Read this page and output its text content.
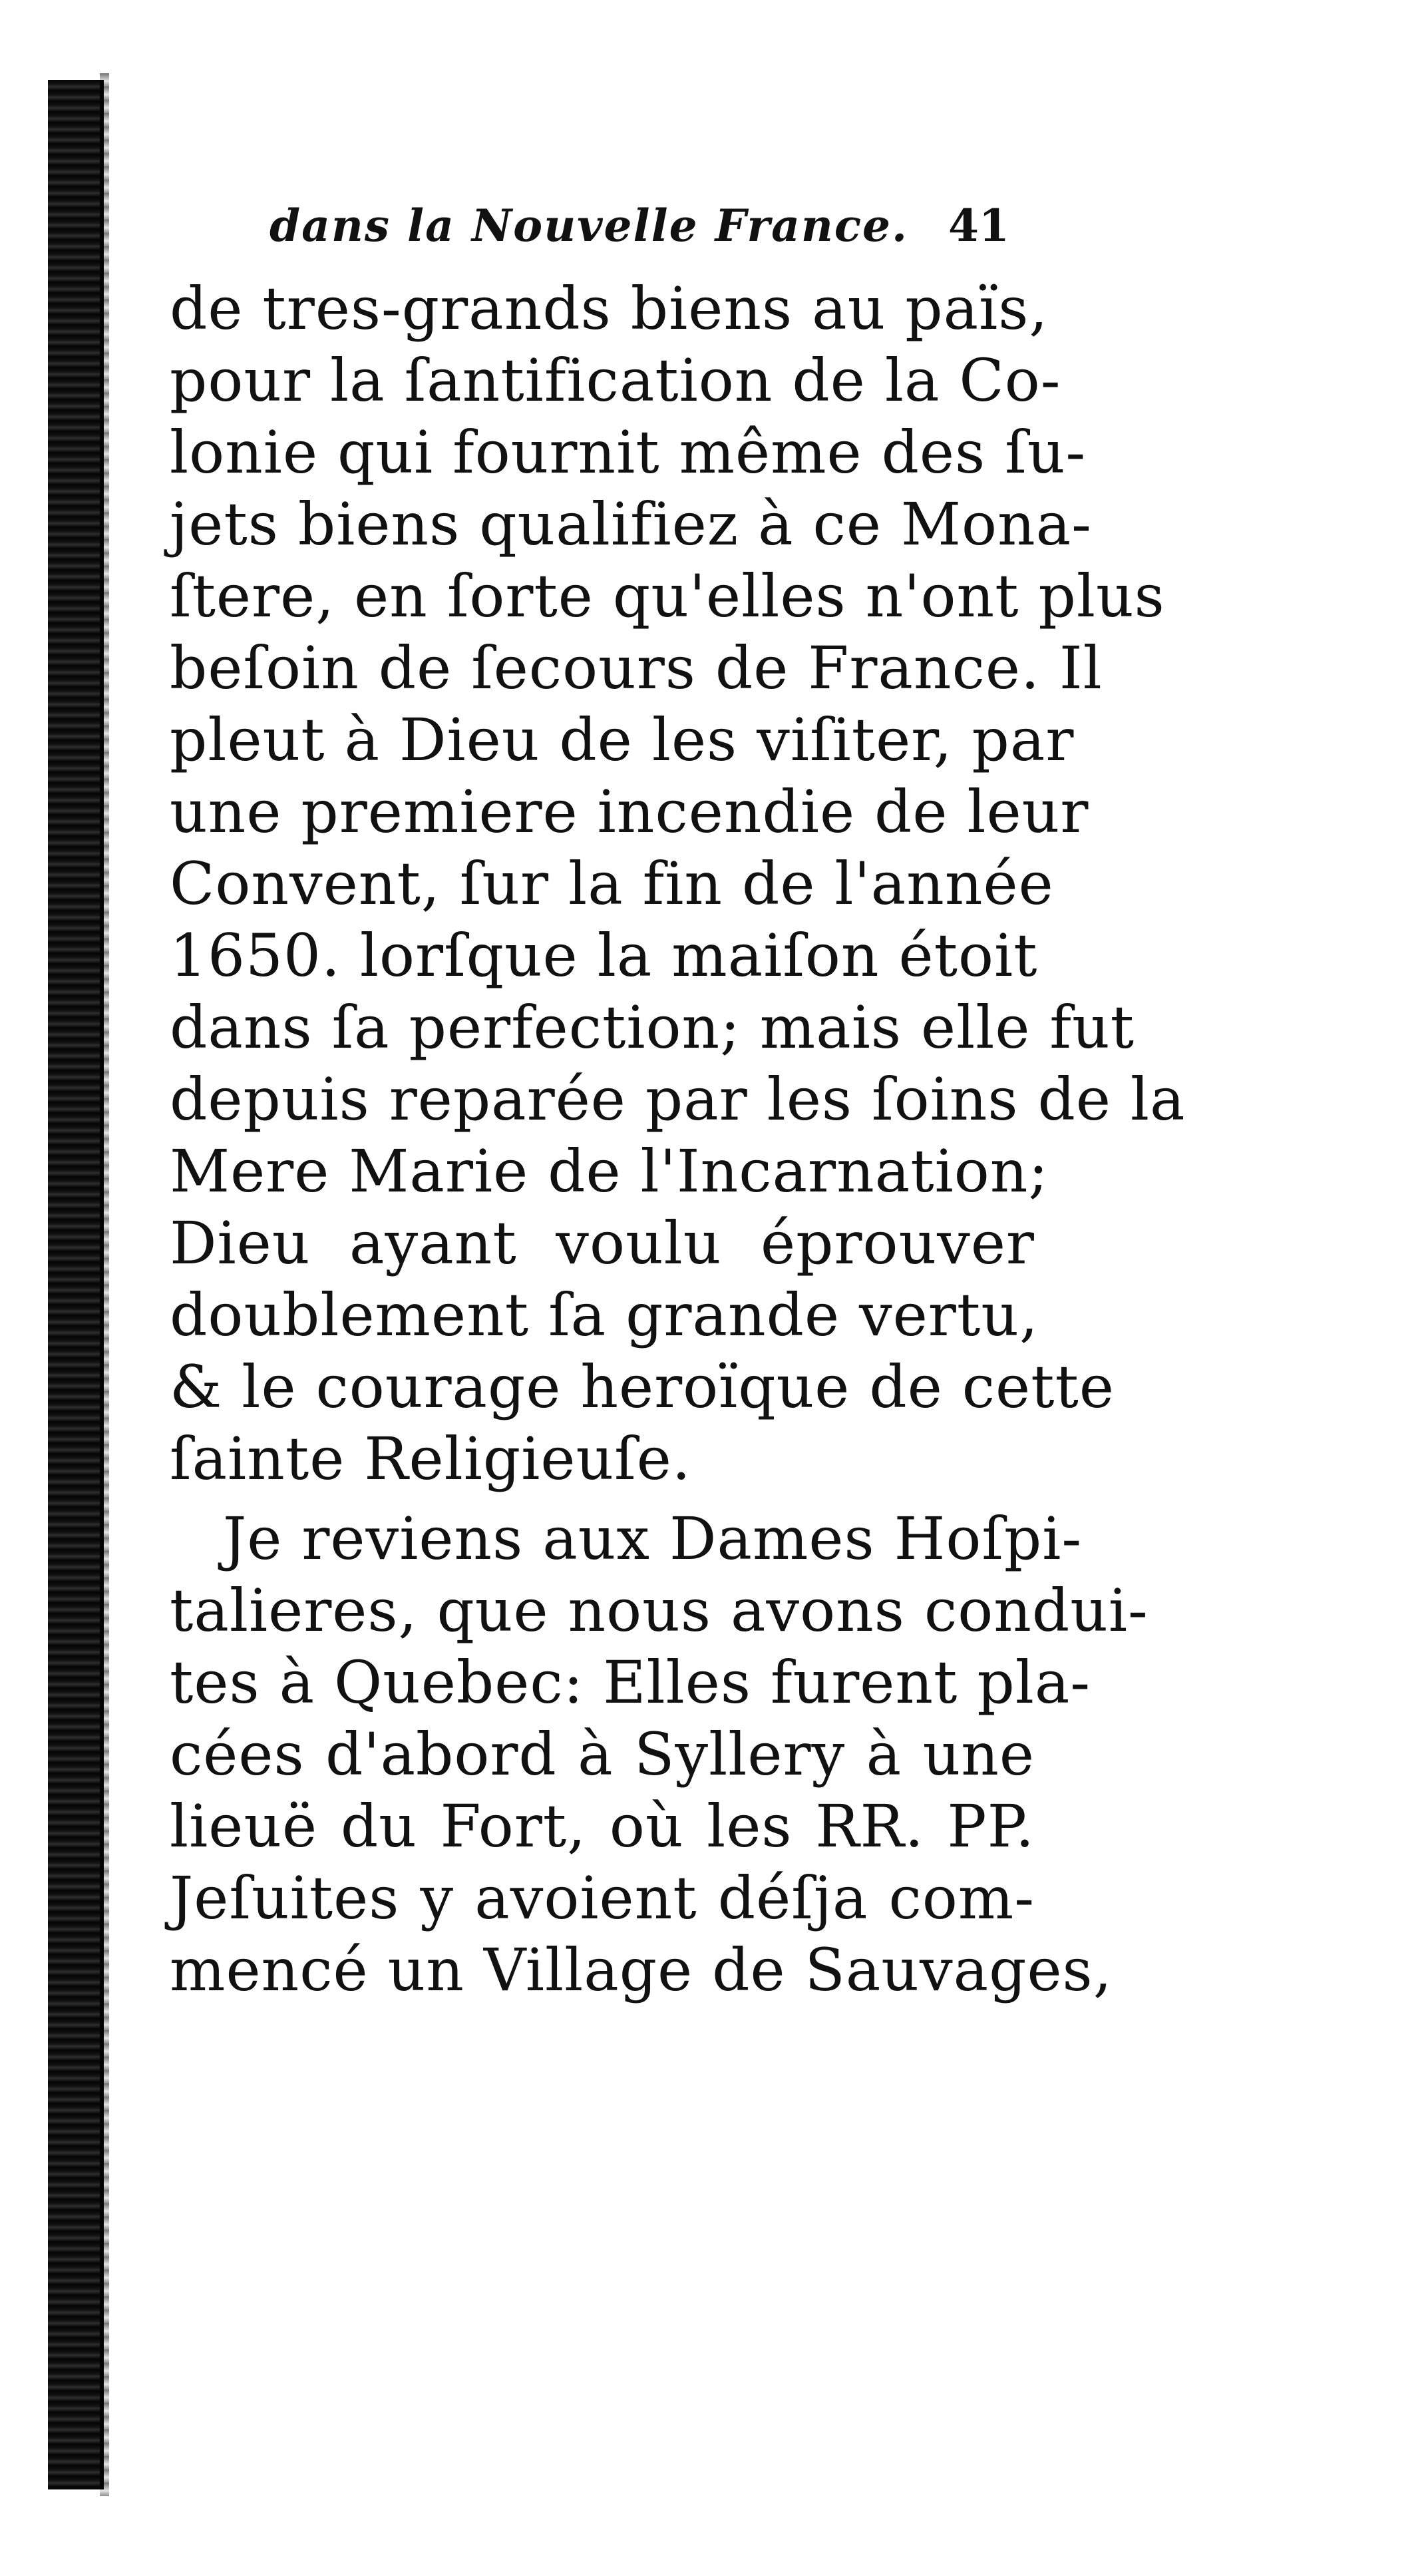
dans la Nouvelle France. 41
de tres-grands biens au païs,
pour la ſantification de la Co-
lonie qui fournit même des ſu-
jets biens qualifiez à ce Mona-
ſtere, en ſorte qu'elles n'ont plus
beſoin de ſecours de France. Il
pleut à Dieu de les viſiter, par
une premiere incendie de leur
Convent, ſur la fin de l'année
1650. lorſque la maiſon étoit
dans ſa perfection; mais elle fut
depuis reparée par les ſoins de la
Mere Marie de l'Incarnation;
Dieu ayant voulu éprouver
doublement ſa grande vertu,
& le courage heroïque de cette
ſainte Religieuſe.
Je reviens aux Dames Hoſpi-
talieres, que nous avons condui-
tes à Quebec: Elles furent pla-
cées d'abord à Syllery à une
lieuë du Fort, où les RR. PP.
Jeſuites y avoient déſja com-
mencé un Village de Sauvages,
